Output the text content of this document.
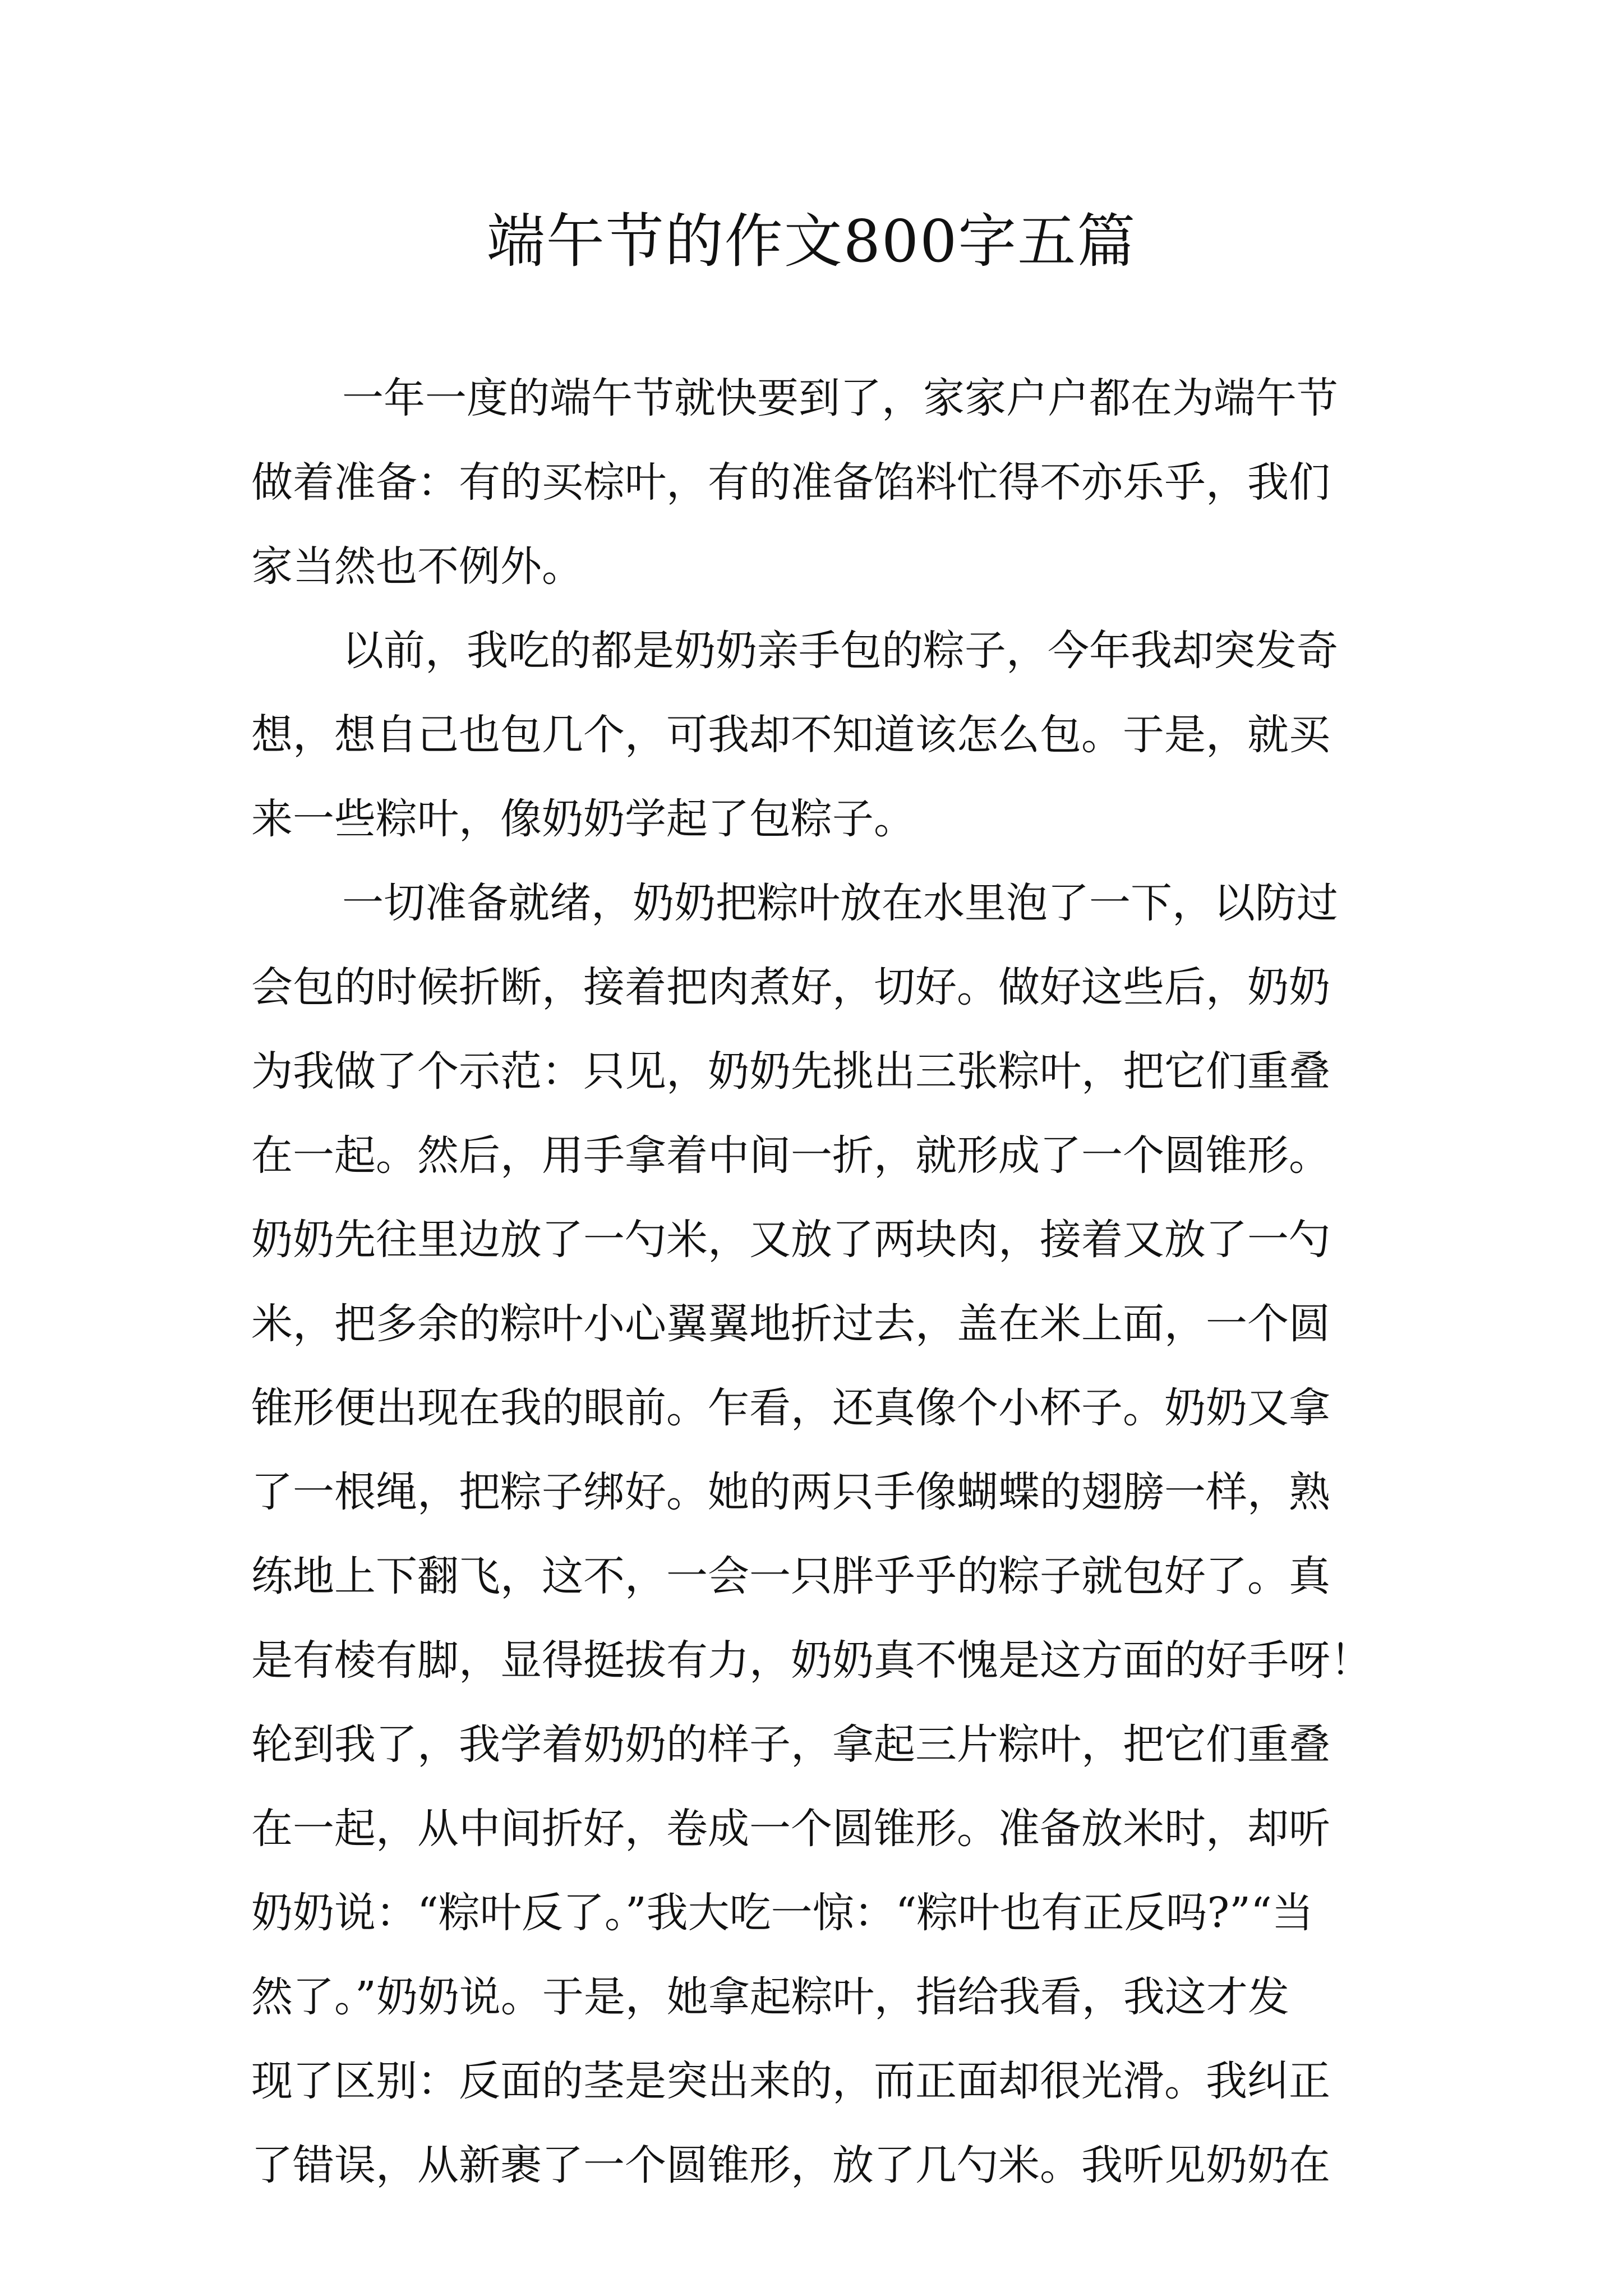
端午节的作文800字五篇
一年一度的端午节就快要到了，家家户户都在为端午节
做着准备：有的买棕叶，有的准备馅料忙得不亦乐乎，我们
家当然也不例外。
以前，我吃的都是奶奶亲手包的粽子，今年我却突发奇
想，想自己也包几个，可我却不知道该怎么包。于是，就买
来一些粽叶，像奶奶学起了包粽子。
一切准备就绪，奶奶把粽叶放在水里泡了一下，以防过
会包的时候折断，接着把肉煮好，切好。做好这些后，奶奶
为我做了个示范：只见，奶奶先挑出三张粽叶，把它们重叠
在一起。然后，用手拿着中间一折，就形成了一个圆锥形。
奶奶先往里边放了一勺米，又放了两块肉，接着又放了一勺
米，把多余的粽叶小心翼翼地折过去，盖在米上面，一个圆
锥形便出现在我的眼前。乍看，还真像个小杯子。奶奶又拿
了一根绳，把粽子绑好。她的两只手像蝴蝶的翅膀一样，熟
练地上下翻飞，这不，一会一只胖乎乎的粽子就包好了。真
是有棱有脚，显得挺拔有力，奶奶真不愧是这方面的好手呀！
轮到我了，我学着奶奶的样子，拿起三片粽叶，把它们重叠
在一起，从中间折好，卷成一个圆锥形。准备放米时，却听
奶奶说：“粽叶反了。”我大吃一惊：“粽叶也有正反吗?”“当
然了。”奶奶说。于是，她拿起粽叶，指给我看，我这才发
现了区别：反面的茎是突出来的，而正面却很光滑。我纠正
了错误，从新裹了一个圆锥形，放了几勺米。我听见奶奶在
